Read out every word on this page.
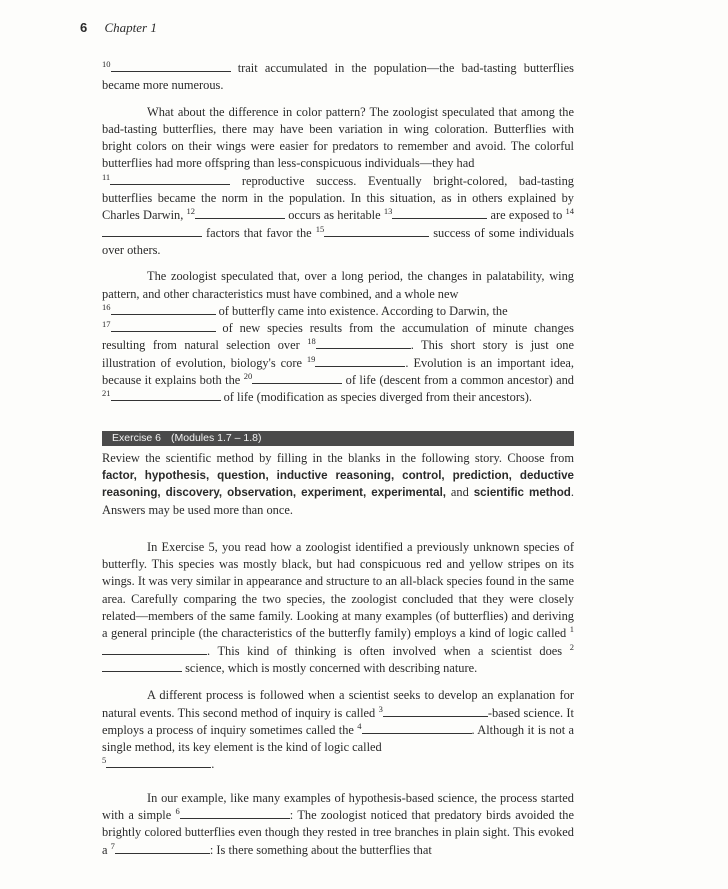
6 Chapter 1

$^{10}$	trait accumulated in the population—the bad-tasting butterflies became more numerous.

What about the difference in color pattern? The zoologist speculated that among the bad-tasting butterflies, there may have been variation in wing coloration. Butterflies with bright colors on their wings were easier for predators to remember and avoid. The colorful butterflies had more offspring than less-conspicuous individuals—they had
$^{11}$	reproductive success. Eventually bright-colored, bad-tasting butterflies became the norm in the population. In this situation, as in others explained by Charles Darwin, $^{12}$	occurs as heritable $^{13}$	are exposed to $^{14}$ factors that favor the $^{15}$	success of some individuals over others.

The zoologist speculated that, over a long period, the changes in palatability, wing pattern, and other characteristics must have combined, and a whole new
$^{16}$	of butterfly came into existence. According to Darwin, the
$^{17}$	of new species results from the accumulation of minute changes resulting from natural selection over $^{18}$	. This short story is just one illustration of evolution, biology's core $^{19}$	. Evolution is an important idea, because it explains both the $^{20}$	of life (descent from a common ancestor) and $^{21}$	of life (modification as species diverged from their ancestors).

Exercise 6 (Modules 1.7 – 1.8)

Review the scientific method by filling in the blanks in the following story. Choose from factor, hypothesis, question, inductive reasoning, control, prediction, deductive reasoning, discovery, observation, experiment, experimental, and scientific method. Answers may be used more than once.

In Exercise 5, you read how a zoologist identified a previously unknown species of butterfly. This species was mostly black, but had conspicuous red and yellow stripes on its wings. It was very similar in appearance and structure to an all-black species found in the same area. Carefully comparing the two species, the zoologist concluded that they were closely related—members of the same family. Looking at many examples (of butterflies) and deriving a general principle (the characteristics of the butterfly family) employs a kind of logic called $^1$. This kind of thinking is often involved when a scientist does $^2$ science, which is mostly concerned with describing nature.

A different process is followed when a scientist seeks to develop an explanation for natural events. This second method of inquiry is called $^3$	-based science. It employs a process of inquiry sometimes called the $^4$	. Although it is not a single method, its key element is the kind of logic called
$^5$	.

In our example, like many examples of hypothesis-based science, the process started with a simple $^6$	: The zoologist noticed that predatory birds avoided the brightly colored butterflies even though they rested in tree branches in plain sight. This evoked a $^7$	: Is there something about the butterflies that
